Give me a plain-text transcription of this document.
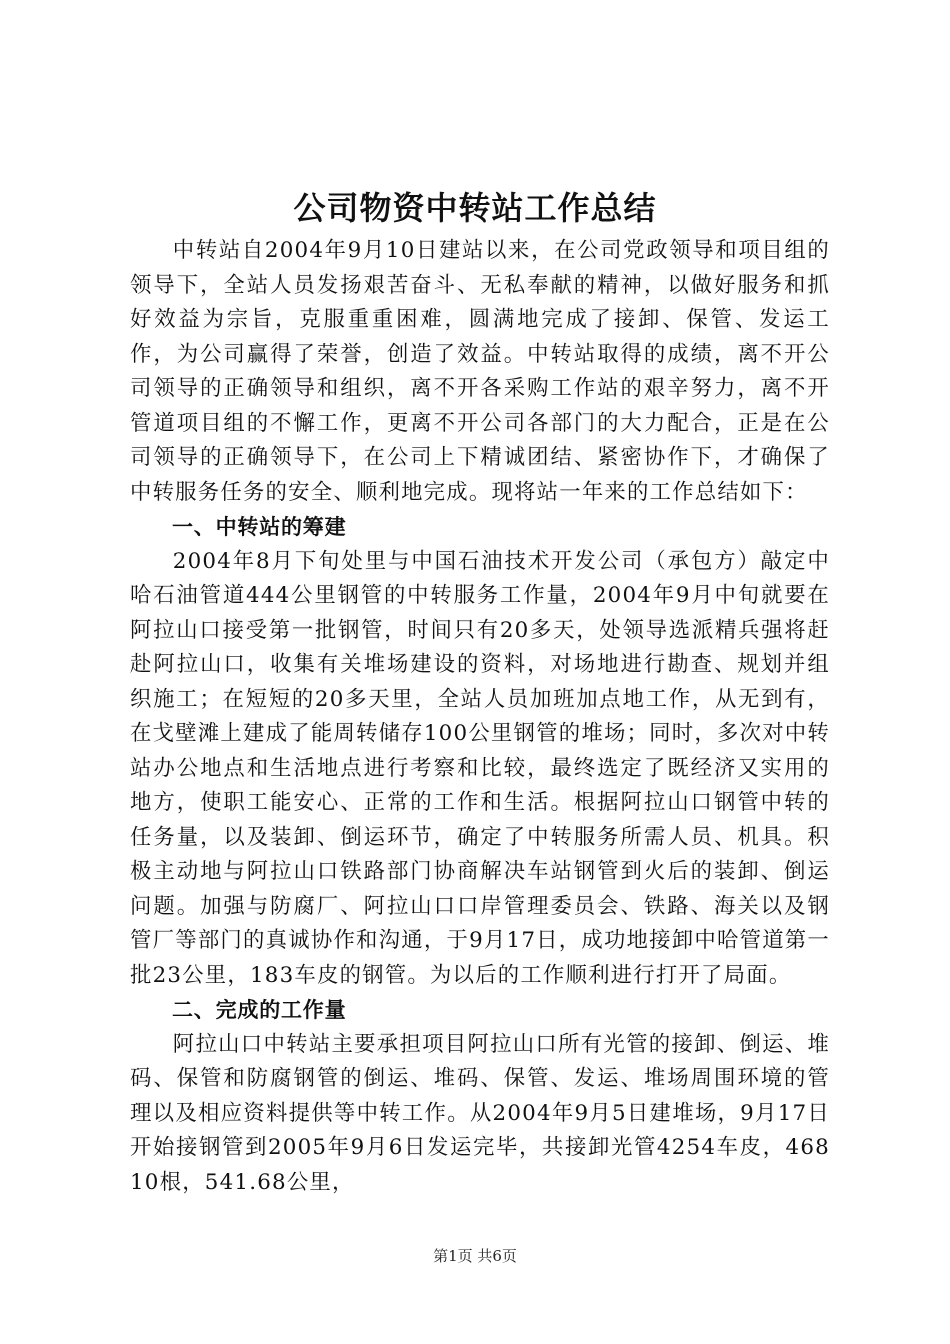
公司物资中转站工作总结

中转站自2004年9月10日建站以来，在公司党政领导和项目组的领导下，全站人员发扬艰苦奋斗、无私奉献的精神，以做好服务和抓好效益为宗旨，克服重重困难，圆满地完成了接卸、保管、发运工作，为公司赢得了荣誉，创造了效益。中转站取得的成绩，离不开公司领导的正确领导和组织，离不开各采购工作站的艰辛努力，离不开管道项目组的不懈工作，更离不开公司各部门的大力配合，正是在公司领导的正确领导下，在公司上下精诚团结、紧密协作下，才确保了中转服务任务的安全、顺利地完成。现将站一年来的工作总结如下：

一、中转站的筹建

2004年8月下旬处里与中国石油技术开发公司（承包方）敲定中哈石油管道444公里钢管的中转服务工作量，2004年9月中旬就要在阿拉山口接受第一批钢管，时间只有20多天，处领导选派精兵强将赶赴阿拉山口，收集有关堆场建设的资料，对场地进行勘查、规划并组织施工；在短短的20多天里，全站人员加班加点地工作，从无到有，在戈壁滩上建成了能周转储存100公里钢管的堆场；同时，多次对中转站办公地点和生活地点进行考察和比较，最终选定了既经济又实用的地方，使职工能安心、正常的工作和生活。根据阿拉山口钢管中转的任务量，以及装卸、倒运环节，确定了中转服务所需人员、机具。积极主动地与阿拉山口铁路部门协商解决车站钢管到火后的装卸、倒运问题。加强与防腐厂、阿拉山口口岸管理委员会、铁路、海关以及钢管厂等部门的真诚协作和沟通，于9月17日，成功地接卸中哈管道第一批23公里，183车皮的钢管。为以后的工作顺利进行打开了局面。

二、完成的工作量

阿拉山口中转站主要承担项目阿拉山口所有光管的接卸、倒运、堆码、保管和防腐钢管的倒运、堆码、保管、发运、堆场周围环境的管理以及相应资料提供等中转工作。从2004年9月5日建堆场，9月17日开始接钢管到2005年9月6日发运完毕，共接卸光管4254车皮，46810根，541.68公里，

第1页 共6页
